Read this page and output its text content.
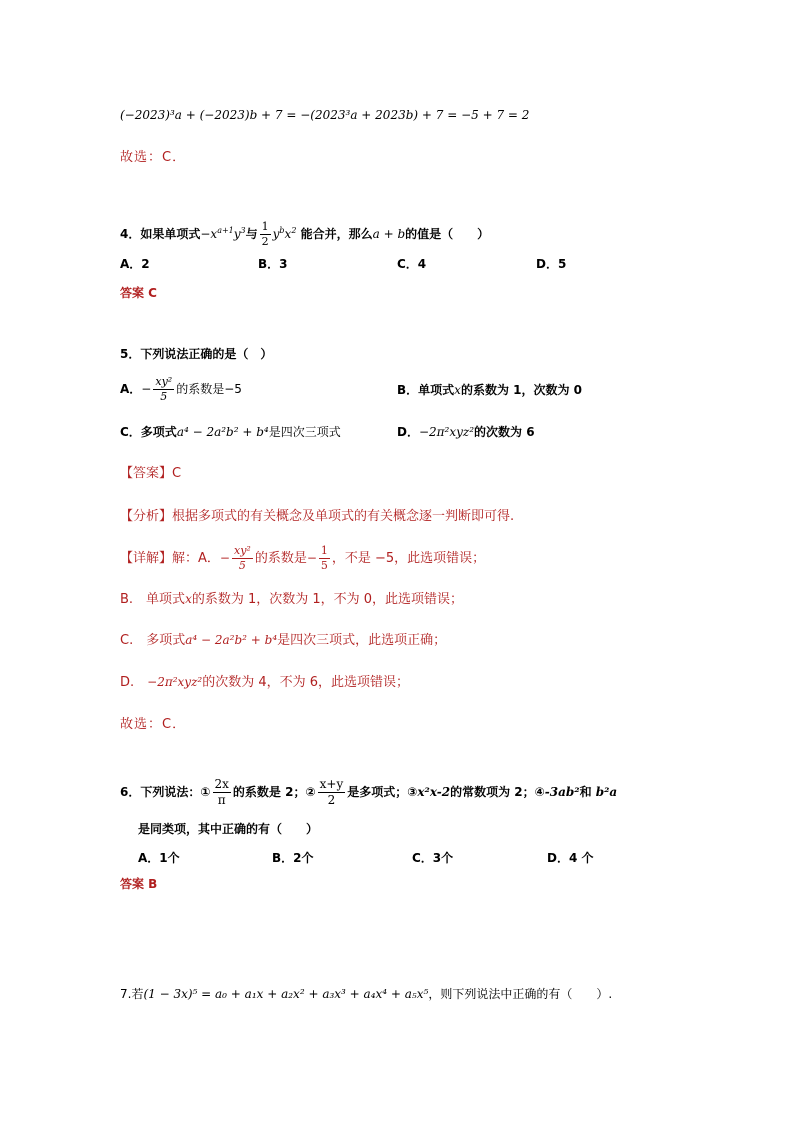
(−2023)³a + (−2023)b + 7 = −(2023³a + 2023b) + 7 = −5 + 7 = 2
故选：C．
4．如果单项式$-x^{a+1}y^3$与 $\frac{1}{2} y^bx^2$ 能合并，那么a + b的值是（　　）
A．2	B．3	C．4	D．5
答案 C
5．下列说法正确的是（　）
A．− $\frac{\text{xy²}}{5}$ 的系数是−5	B．单项式x的系数为 1，次数为 0
C．多项式a⁴ − 2a²b² + b⁴是四次三项式	D．−2π²xyz²的次数为 6
【答案】C
【分析】根据多项式的有关概念及单项式的有关概念逐一判断即可得.
【详解】解：A．− $\frac{\text{xy²}}{5}$ 的系数是− $\frac{1}{5}$ ，不是 −5，此选项错误；
B.　单项式x的系数为 1，次数为 1，不为 0，此选项错误；
C.　多项式a⁴ − 2a²b² + b⁴是四次三项式，此选项正确；
D.　−2π²xyz²的次数为 4，不为 6，此选项错误；
故选：C．
6．下列说法：① $\frac{2x}{\pi}$ 的系数是 2；② $\frac{x+y}{2}$ 是多项式；③x²x-2的常数项为 2；④-3ab²和 b²a
是同类项，其中正确的有（　　）
A．1个	B．2个	C．3个	D．4 个
答案 B
7.若(1 − 3x)⁵ = a₀ + a₁x + a₂x² + a₃x³ + a₄x⁴ + a₅x⁵，则下列说法中正确的有（　　）.
